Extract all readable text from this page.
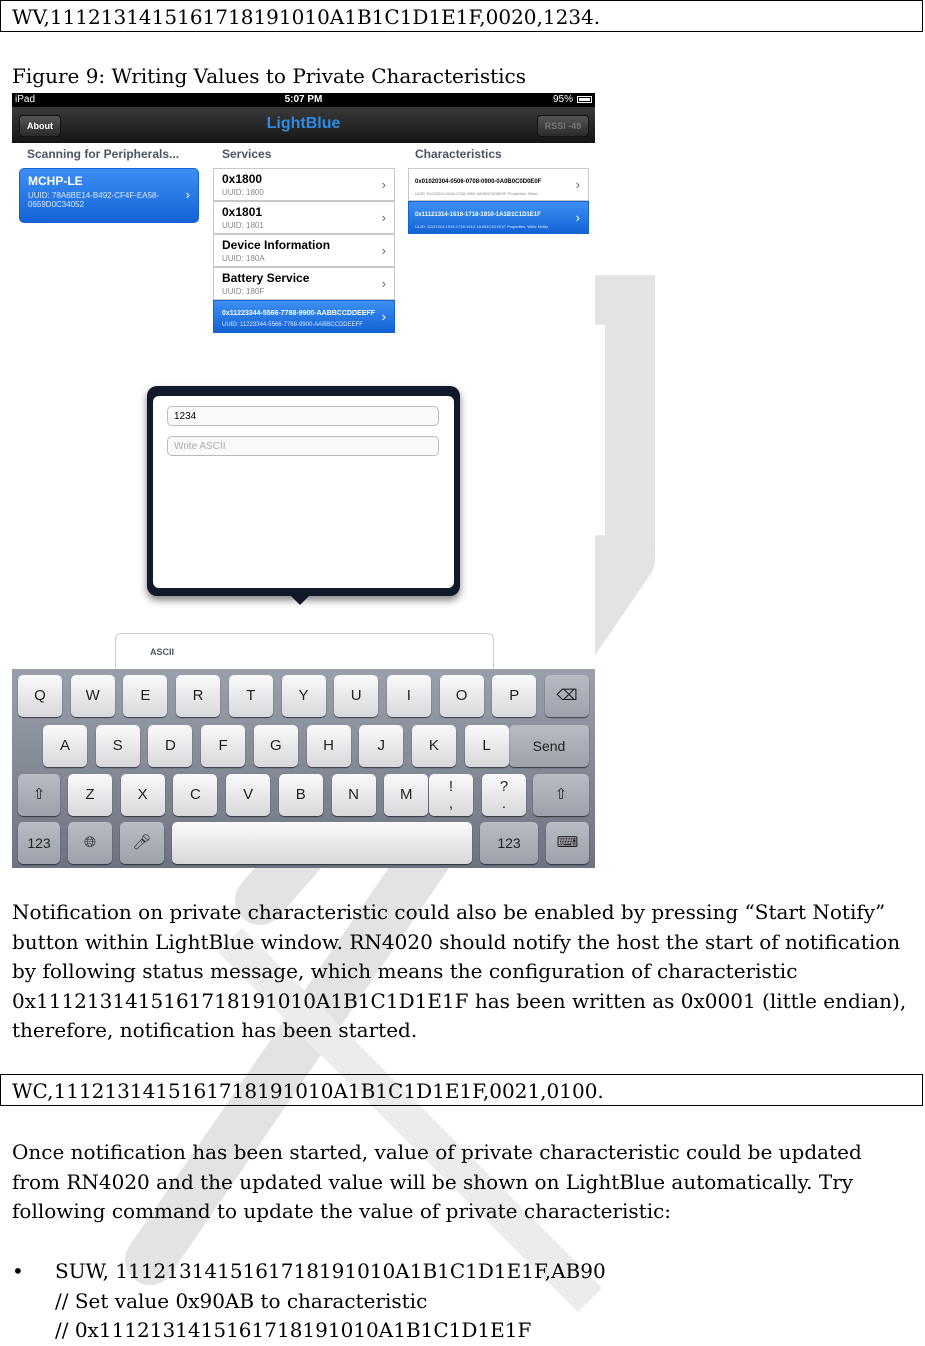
WV,1112131415161718191010A1B1C1D1E1F,0020,1234.
Figure 9: Writing Values to Private Characteristics
iPad	5:07 PM	95%
About	LightBlue	RSSI -49
Scanning for Peripherals...	Services	Characteristics
MCHP-LE
UUID: 78A6BE14-B492-CF4F-EA58-0659D0C34052
›
0x1800
UUID: 1800
›
0x1801
UUID: 1801
›
Device Information
UUID: 180A
›
Battery Service
UUID: 180F
›
0x11223344-5566-7788-9900-AABBCCDDEEFF
UUID: 11223344-5566-7788-9900-AABBCCDDEEFF
›
0x01020304-0506-0708-0900-0A0B0C0D0E0F
UUID: 01020304-0506-0708-0900-0A0B0C0D0E0F Properties: Read
›
0x11121314-1516-1718-1910-1A1B1C1D1E1F
UUID: 11121314-1516-1718-1910-1A1B1C1D1E1F Properties: Write Notify
›
1234
Write ASCII
ASCII
⌫
Send
⇧	!
,
?
.
⇧
123	🌐︎	🎤︎	123	⌨
Q	W	E	R	T	Y	U	I	O	P
A	S	D	F	G	H	J	K	L
Z	X	C	V	B	N	M
Notification on private characteristic could also be enabled by pressing “Start Notify” button within LightBlue window. RN4020 should notify the host the start of notification by following status message, which means the configuration of characteristic 0x1112131415161718191010A1B1C1D1E1F has been written as 0x0001 (little endian), therefore, notification has been started.
WC,1112131415161718191010A1B1C1D1E1F,0021,0100.
Once notification has been started, value of private characteristic could be updated from RN4020 and the updated value will be shown on LightBlue automatically. Try following command to update the value of private characteristic:
• SUW, 1112131415161718191010A1B1C1D1E1F,AB90
// Set value 0x90AB to characteristic
// 0x1112131415161718191010A1B1C1D1E1F
